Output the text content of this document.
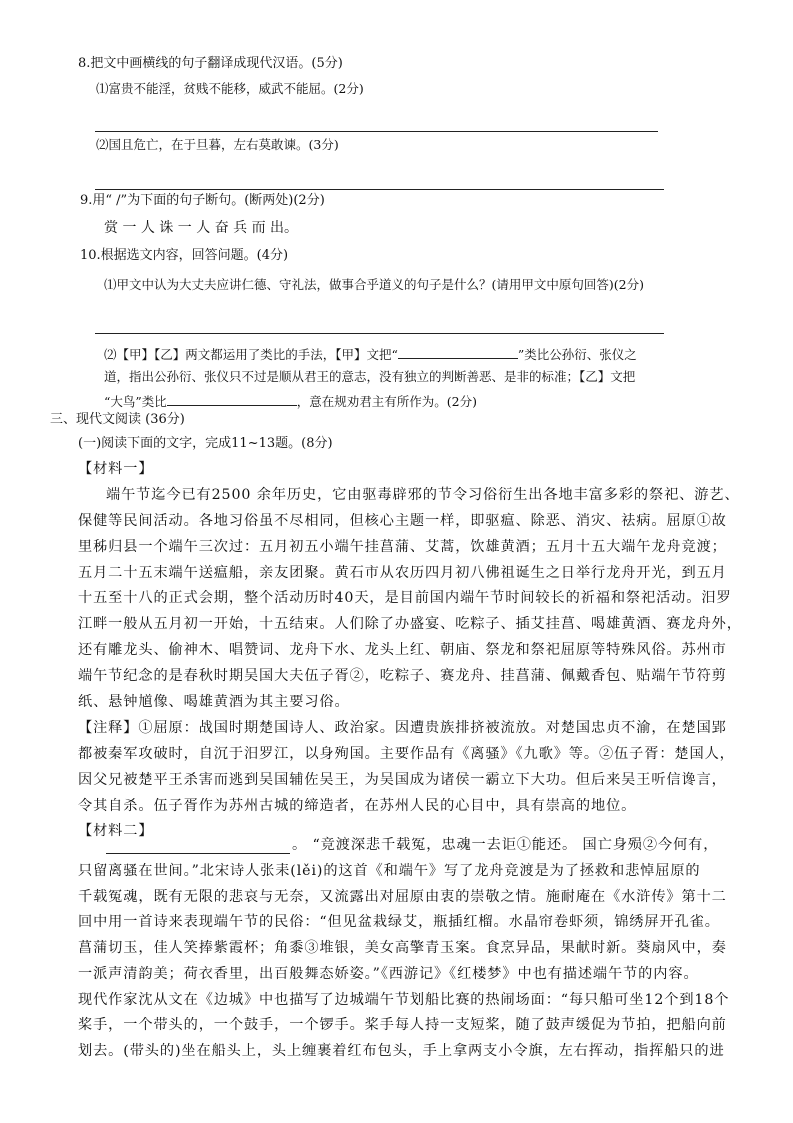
8.把文中画横线的句子翻译成现代汉语。(5分)
⑴富贵不能淫，贫贱不能移，威武不能屈。(2分)
⑵国且危亡，在于旦暮，左右莫敢谏。(3分)
9.用“ /”为下面的句子断句。(断两处)(2分)
赏 一 人 诛 一 人 奋 兵 而 出。
10.根据选文内容，回答问题。(4分)
⑴甲文中认为大丈夫应讲仁德、守礼法，做事合乎道义的句子是什么？(请用甲文中原句回答)(2分)
⑵【甲】【乙】两文都运用了类比的手法，【甲】文把“	”类比公孙衍、张仪之
道，指出公孙衍、张仪只不过是顺从君王的意志，没有独立的判断善恶、是非的标准；【乙】文把
“大鸟”类比	，意在规劝君主有所作为。(2分)
三、现代文阅读 (36分)
(一)阅读下面的文字，完成11~13题。(8分)
【材料一】
端午节迄今已有2500 余年历史，它由驱毒辟邪的节令习俗衍生出各地丰富多彩的祭祀、游艺、
保健等民间活动。各地习俗虽不尽相同，但核心主题一样，即驱瘟、除恶、消灾、祛病。屈原①故
里秭归县一个端午三次过：五月初五小端午挂菖蒲、艾蒿，饮雄黄酒；五月十五大端午龙舟竞渡；
五月二十五末端午送瘟船，亲友团聚。黄石市从农历四月初八佛祖诞生之日举行龙舟开光，到五月
十五至十八的正式会期，整个活动历时40天，是目前国内端午节时间较长的祈福和祭祀活动。汨罗
江畔一般从五月初一开始，十五结束。人们除了办盛宴、吃粽子、插艾挂菖、喝雄黄酒、赛龙舟外，
还有雕龙头、偷神木、唱赞词、龙舟下水、龙头上红、朝庙、祭龙和祭祀屈原等特殊风俗。苏州市
端午节纪念的是春秋时期吴国大夫伍子胥②，吃粽子、赛龙舟、挂菖蒲、佩戴香包、贴端午节符剪
纸、悬钟馗像、喝雄黄酒为其主要习俗。
【注释】①屈原：战国时期楚国诗人、政治家。因遭贵族排挤被流放。对楚国忠贞不渝，在楚国郢
都被秦军攻破时，自沉于汨罗江，以身殉国。主要作品有《离骚》《九歌》等。②伍子胥：楚国人，
因父兄被楚平王杀害而逃到吴国辅佐吴王，为吴国成为诸侯一霸立下大功。但后来吴王听信谗言，
令其自杀。伍子胥作为苏州古城的缔造者，在苏州人民的心目中，具有崇高的地位。
【材料二】
。 “竞渡深悲千载冤，忠魂一去讵①能还。 国亡身殒②今何有，
只留离骚在世间。”北宋诗人张耒(lěi)的这首《和端午》写了龙舟竞渡是为了拯救和悲悼屈原的
千载冤魂，既有无限的悲哀与无奈，又流露出对屈原由衷的崇敬之情。施耐庵在《水浒传》第十二
回中用一首诗来表现端午节的民俗：“但见盆栽绿艾，瓶插红榴。水晶帘卷虾须，锦绣屏开孔雀。
菖蒲切玉，佳人笑捧紫霞杯；角黍③堆银，美女高擎青玉案。食烹异品，果献时新。葵扇风中，奏
一派声清韵美；荷衣香里，出百般舞态娇姿。”《西游记》《红楼梦》中也有描述端午节的内容。
现代作家沈从文在《边城》中也描写了边城端午节划船比赛的热闹场面：“每只船可坐12个到18个
桨手，一个带头的，一个鼓手，一个锣手。桨手每人持一支短桨，随了鼓声缓促为节拍，把船向前
划去。(带头的)坐在船头上，头上缠裹着红布包头，手上拿两支小令旗，左右挥动，指挥船只的进
